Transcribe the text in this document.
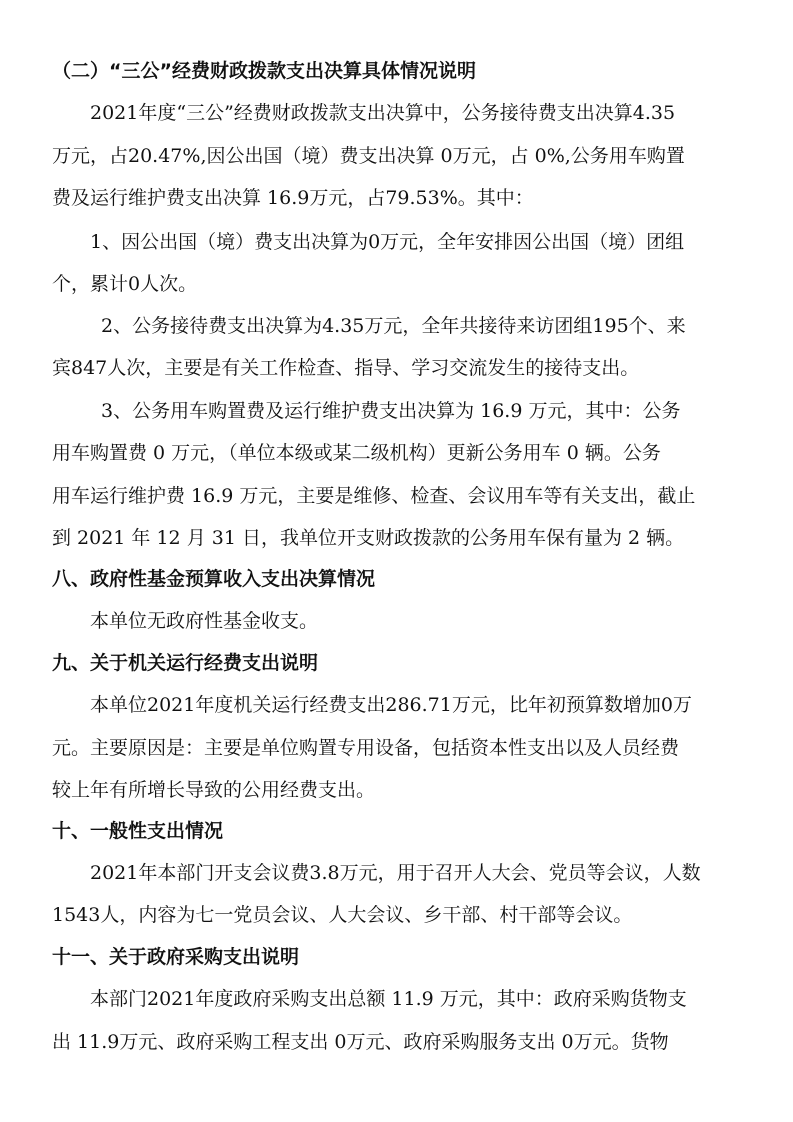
（二）“三公”经费财政拨款支出决算具体情况说明
2021年度“三公”经费财政拨款支出决算中，公务接待费支出决算4.35
万元，占20.47%,因公出国（境）费支出决算 0万元，占 0%,公务用车购置
费及运行维护费支出决算 16.9万元，占79.53%。其中：
1、因公出国（境）费支出决算为0万元，全年安排因公出国（境）团组
个，累计0人次。
2、公务接待费支出决算为4.35万元，全年共接待来访团组195个、来
宾847人次，主要是有关工作检查、指导、学习交流发生的接待支出。
3、公务用车购置费及运行维护费支出决算为 16.9 万元，其中：公务
用车购置费 0 万元，（单位本级或某二级机构）更新公务用车 0 辆。公务
用车运行维护费 16.9 万元，主要是维修、检查、会议用车等有关支出，截止
到 2021 年 12 月 31 日，我单位开支财政拨款的公务用车保有量为 2 辆。
八、政府性基金预算收入支出决算情况
本单位无政府性基金收支。
九、关于机关运行经费支出说明
本单位2021年度机关运行经费支出286.71万元，比年初预算数增加0万
元。主要原因是：主要是单位购置专用设备，包括资本性支出以及人员经费
较上年有所增长导致的公用经费支出。
十、一般性支出情况
2021年本部门开支会议费3.8万元，用于召开人大会、党员等会议，人数
1543人，内容为七一党员会议、人大会议、乡干部、村干部等会议。
十一、关于政府采购支出说明
本部门2021年度政府采购支出总额 11.9 万元，其中：政府采购货物支
出 11.9万元、政府采购工程支出 0万元、政府采购服务支出 0万元。货物
